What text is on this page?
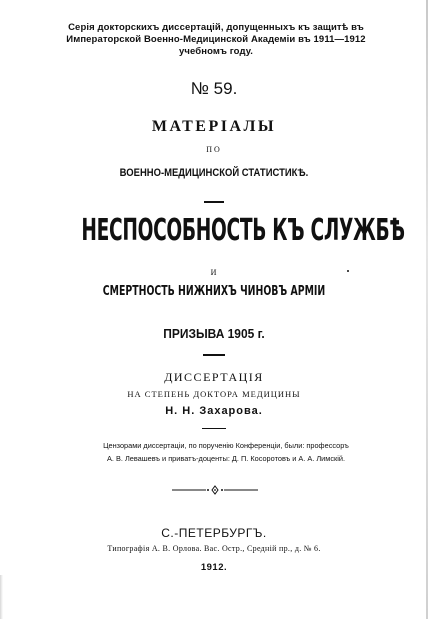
Серія докторскихъ диссертацій, допущенныхъ къ защитѣ въ
Императорской Военно-Медицинской Академіи въ 1911—1912
учебномъ году.
№ 59.
МАТЕРІАЛЫ
ПО
ВОЕННО-МЕДИЦИНСКОЙ СТАТИСТИКѢ.
НЕСПОСОБНОСТЬ КЪ СЛУЖБѢ
И
СМЕРТНОСТЬ НИЖНИХЪ ЧИНОВЪ АРМІИ
ПРИЗЫВА 1905 г.
ДИССЕРТАЦІЯ
НА СТЕПЕНЬ ДОКТОРА МЕДИЦИНЫ
Н. Н. Захарова.
Цензорами диссертаціи, по порученію Конференціи, были: профессоръ
А. В. Левашевъ и приватъ-доценты: Д. П. Косоротовъ и А. А. Лимскій.
С.-ПЕТЕРБУРГЪ.
Типографія А. В. Орлова. Вас. Остр., Средній пр., д. № 6.
1912.
